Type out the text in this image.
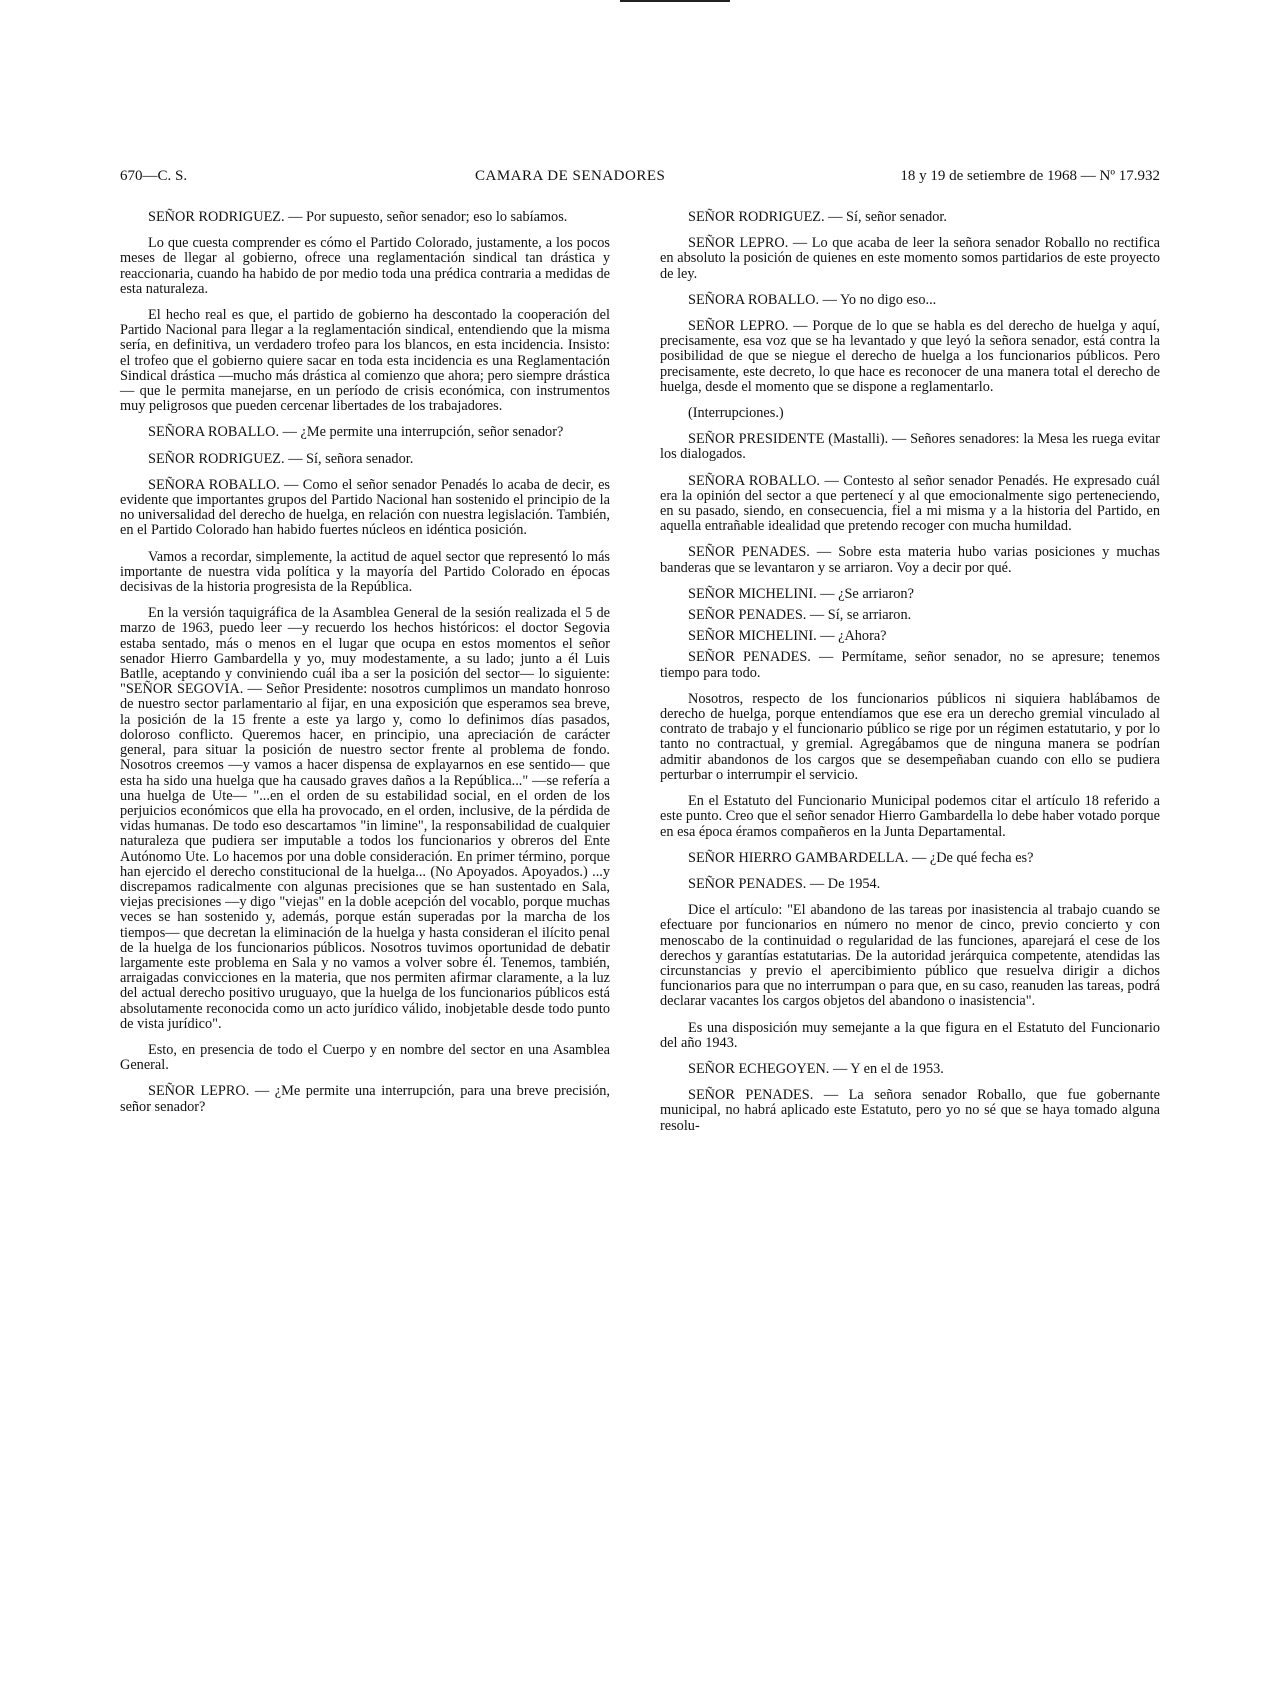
670—C. S.	CAMARA DE SENADORES	18 y 19 de setiembre de 1968 — Nº 17.932

SEÑOR RODRIGUEZ. — Por supuesto, señor senador; eso lo sabíamos.

Lo que cuesta comprender es cómo el Partido Colorado, justamente, a los pocos meses de llegar al gobierno, ofrece una reglamentación sindical tan drástica y reaccionaria, cuando ha habido de por medio toda una prédica contraria a medidas de esta naturaleza.

El hecho real es que, el partido de gobierno ha descontado la cooperación del Partido Nacional para llegar a la reglamentación sindical, entendiendo que la misma sería, en definitiva, un verdadero trofeo para los blancos, en esta incidencia. Insisto: el trofeo que el gobierno quiere sacar en toda esta incidencia es una Reglamentación Sindical drástica —mucho más drástica al comienzo que ahora; pero siempre drástica— que le permita manejarse, en un período de crisis económica, con instrumentos muy peligrosos que pueden cercenar libertades de los trabajadores.

SEÑORA ROBALLO. — ¿Me permite una interrupción, señor senador?

SEÑOR RODRIGUEZ. — Sí, señora senador.

SEÑORA ROBALLO. — Como el señor senador Penadés lo acaba de decir, es evidente que importantes grupos del Partido Nacional han sostenido el principio de la no universalidad del derecho de huelga, en relación con nuestra legislación. También, en el Partido Colorado han habido fuertes núcleos en idéntica posición.

Vamos a recordar, simplemente, la actitud de aquel sector que representó lo más importante de nuestra vida política y la mayoría del Partido Colorado en épocas decisivas de la historia progresista de la República.

En la versión taquigráfica de la Asamblea General de la sesión realizada el 5 de marzo de 1963, puedo leer —y recuerdo los hechos históricos: el doctor Segovia estaba sentado, más o menos en el lugar que ocupa en estos momentos el señor senador Hierro Gambardella y yo, muy modestamente, a su lado; junto a él Luis Batlle, aceptando y conviniendo cuál iba a ser la posición del sector— lo siguiente: "SEÑOR SEGOVIA. — Señor Presidente: nosotros cumplimos un mandato honroso de nuestro sector parlamentario al fijar, en una exposición que esperamos sea breve, la posición de la 15 frente a este ya largo y, como lo definimos días pasados, doloroso conflicto. Queremos hacer, en principio, una apreciación de carácter general, para situar la posición de nuestro sector frente al problema de fondo. Nosotros creemos —y vamos a hacer dispensa de explayarnos en ese sentido— que esta ha sido una huelga que ha causado graves daños a la República..." —se refería a una huelga de Ute— "...en el orden de su estabilidad social, en el orden de los perjuicios económicos que ella ha provocado, en el orden, inclusive, de la pérdida de vidas humanas. De todo eso descartamos "in limine", la responsabilidad de cualquier naturaleza que pudiera ser imputable a todos los funcionarios y obreros del Ente Autónomo Ute. Lo hacemos por una doble consideración. En primer término, porque han ejercido el derecho constitucional de la huelga... (No Apoyados. Apoyados.) ...y discrepamos radicalmente con algunas precisiones que se han sustentado en Sala, viejas precisiones —y digo "viejas" en la doble acepción del vocablo, porque muchas veces se han sostenido y, además, porque están superadas por la marcha de los tiempos— que decretan la eliminación de la huelga y hasta consideran el ilícito penal de la huelga de los funcionarios públicos. Nosotros tuvimos oportunidad de debatir largamente este problema en Sala y no vamos a volver sobre él. Tenemos, también, arraigadas convicciones en la materia, que nos permiten afirmar claramente, a la luz del actual derecho positivo uruguayo, que la huelga de los funcionarios públicos está absolutamente reconocida como un acto jurídico válido, inobjetable desde todo punto de vista jurídico".

Esto, en presencia de todo el Cuerpo y en nombre del sector en una Asamblea General.

SEÑOR LEPRO. — ¿Me permite una interrupción, para una breve precisión, señor senador?

SEÑOR RODRIGUEZ. — Sí, señor senador.

SEÑOR LEPRO. — Lo que acaba de leer la señora senador Roballo no rectifica en absoluto la posición de quienes en este momento somos partidarios de este proyecto de ley.

SEÑORA ROBALLO. — Yo no digo eso...

SEÑOR LEPRO. — Porque de lo que se habla es del derecho de huelga y aquí, precisamente, esa voz que se ha levantado y que leyó la señora senador, está contra la posibilidad de que se niegue el derecho de huelga a los funcionarios públicos. Pero precisamente, este decreto, lo que hace es reconocer de una manera total el derecho de huelga, desde el momento que se dispone a reglamentarlo.

(Interrupciones.)

SEÑOR PRESIDENTE (Mastalli). — Señores senadores: la Mesa les ruega evitar los dialogados.

SEÑORA ROBALLO. — Contesto al señor senador Penadés. He expresado cuál era la opinión del sector a que pertenecí y al que emocionalmente sigo perteneciendo, en su pasado, siendo, en consecuencia, fiel a mi misma y a la historia del Partido, en aquella entrañable idealidad que pretendo recoger con mucha humildad.

SEÑOR PENADES. — Sobre esta materia hubo varias posiciones y muchas banderas que se levantaron y se arriaron. Voy a decir por qué.

SEÑOR MICHELINI. — ¿Se arriaron?

SEÑOR PENADES. — Sí, se arriaron.

SEÑOR MICHELINI. — ¿Ahora?

SEÑOR PENADES. — Permítame, señor senador, no se apresure; tenemos tiempo para todo.

Nosotros, respecto de los funcionarios públicos ni siquiera hablábamos de derecho de huelga, porque entendíamos que ese era un derecho gremial vinculado al contrato de trabajo y el funcionario público se rige por un régimen estatutario, y por lo tanto no contractual, y gremial. Agregábamos que de ninguna manera se podrían admitir abandonos de los cargos que se desempeñaban cuando con ello se pudiera perturbar o interrumpir el servicio.

En el Estatuto del Funcionario Municipal podemos citar el artículo 18 referido a este punto. Creo que el señor senador Hierro Gambardella lo debe haber votado porque en esa época éramos compañeros en la Junta Departamental.

SEÑOR HIERRO GAMBARDELLA. — ¿De qué fecha es?

SEÑOR PENADES. — De 1954.

Dice el artículo: "El abandono de las tareas por inasistencia al trabajo cuando se efectuare por funcionarios en número no menor de cinco, previo concierto y con menoscabo de la continuidad o regularidad de las funciones, aparejará el cese de los derechos y garantías estatutarias. De la autoridad jerárquica competente, atendidas las circunstancias y previo el apercibimiento público que resuelva dirigir a dichos funcionarios para que no interrumpan o para que, en su caso, reanuden las tareas, podrá declarar vacantes los cargos objetos del abandono o inasistencia".

Es una disposición muy semejante a la que figura en el Estatuto del Funcionario del año 1943.

SEÑOR ECHEGOYEN. — Y en el de 1953.

SEÑOR PENADES. — La señora senador Roballo, que fue gobernante municipal, no habrá aplicado este Estatuto, pero yo no sé que se haya tomado alguna resolu-
